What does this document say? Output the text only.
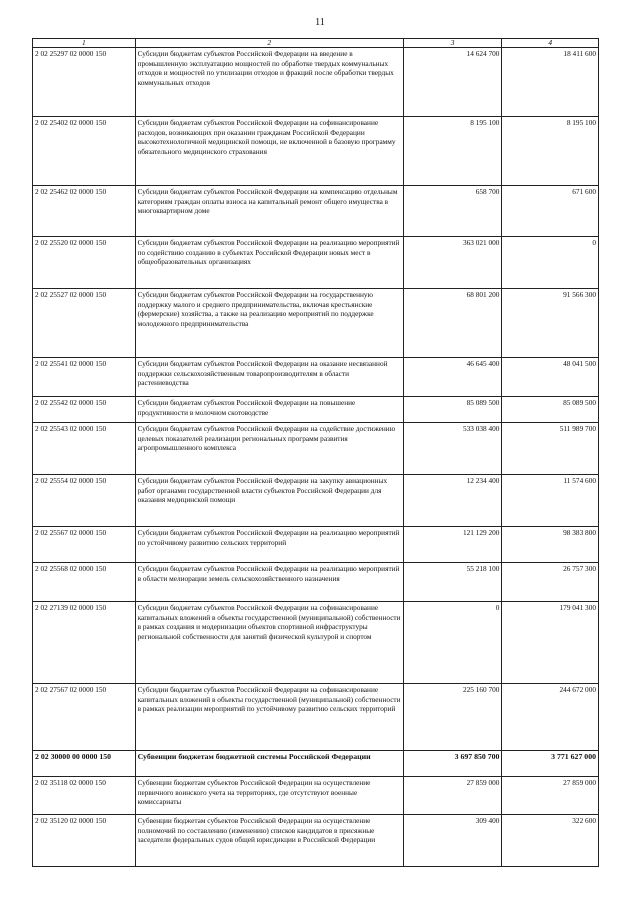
11
1	2	3	4
2 02 25297 02 0000 150	Субсидии бюджетам субъектов Российской Федерации на введение в промышленную эксплуатацию мощностей по обработке твердых коммунальных отходов и мощностей по утилизации отходов и фракций после обработки твердых коммунальных отходов	14 624 700	18 411 600
2 02 25402 02 0000 150	Субсидии бюджетам субъектов Российской Федерации на софинансирование расходов, возникающих при оказании гражданам Российской Федерации высокотехнологичной медицинской помощи, не включенной в базовую программу обязательного медицинского страхования	8 195 100	8 195 100
2 02 25462 02 0000 150	Субсидии бюджетам субъектов Российской Федерации на компенсацию отдельным категориям граждан оплаты взноса на капитальный ремонт общего имущества в многоквартирном доме	658 700	671 600
2 02 25520 02 0000 150	Субсидии бюджетам субъектов Российской Федерации на реализацию мероприятий по содействию созданию в субъектах Российской Федерации новых мест в общеобразовательных организациях	363 021 000	0
2 02 25527 02 0000 150	Субсидии бюджетам субъектов Российской Федерации на государственную поддержку малого и среднего предпринимательства, включая крестьянские (фермерские) хозяйства, а также на реализацию мероприятий по поддержке молодежного предпринимательства	68 801 200	91 566 300
2 02 25541 02 0000 150	Субсидии бюджетам субъектов Российской Федерации на оказание несвязанной поддержки сельскохозяйственным товаропроизводителям в области растениеводства	46 645 400	48 041 500
2 02 25542 02 0000 150	Субсидии бюджетам субъектов Российской Федерации на повышение продуктивности в молочном скотоводстве	85 089 500	85 089 500
2 02 25543 02 0000 150	Субсидии бюджетам субъектов Российской Федерации на содействие достижению целевых показателей реализации региональных программ развития агропромышленного комплекса	533 038 400	511 989 700
2 02 25554 02 0000 150	Субсидии бюджетам субъектов Российской Федерации на закупку авиационных работ органами государственной власти субъектов Российской Федерации для оказания медицинской помощи	12 234 400	11 574 600
2 02 25567 02 0000 150	Субсидии бюджетам субъектов Российской Федерации на реализацию мероприятий по устойчивому развитию сельских территорий	121 129 200	98 383 800
2 02 25568 02 0000 150	Субсидии бюджетам субъектов Российской Федерации на реализацию мероприятий в области мелиорации земель сельскохозяйственного назначения	55 218 100	26 757 300
2 02 27139 02 0000 150	Субсидии бюджетам субъектов Российской Федерации на софинансирование капитальных вложений в объекты государственной (муниципальной) собственности в рамках создания и модернизации объектов спортивной инфраструктуры региональной собственности для занятий физической культурой и спортом	0	179 041 300
2 02 27567 02 0000 150	Субсидии бюджетам субъектов Российской Федерации на софинансирование капитальных вложений в объекты государственной (муниципальной) собственности в рамках реализации мероприятий по устойчивому развитию сельских территорий	225 160 700	244 672 000
2 02 30000 00 0000 150	Субвенции бюджетам бюджетной системы Российской Федерации	3 697 850 700	3 771 627 000
2 02 35118 02 0000 150	Субвенции бюджетам субъектов Российской Федерации на осуществление первичного воинского учета на территориях, где отсутствуют военные комиссариаты	27 859 000	27 859 000
2 02 35120 02 0000 150	Субвенции бюджетам субъектов Российской Федерации на осуществление полномочий по составлению (изменению) списков кандидатов в присяжные заседатели федеральных судов общей юрисдикции в Российской Федерации	309 400	322 600
